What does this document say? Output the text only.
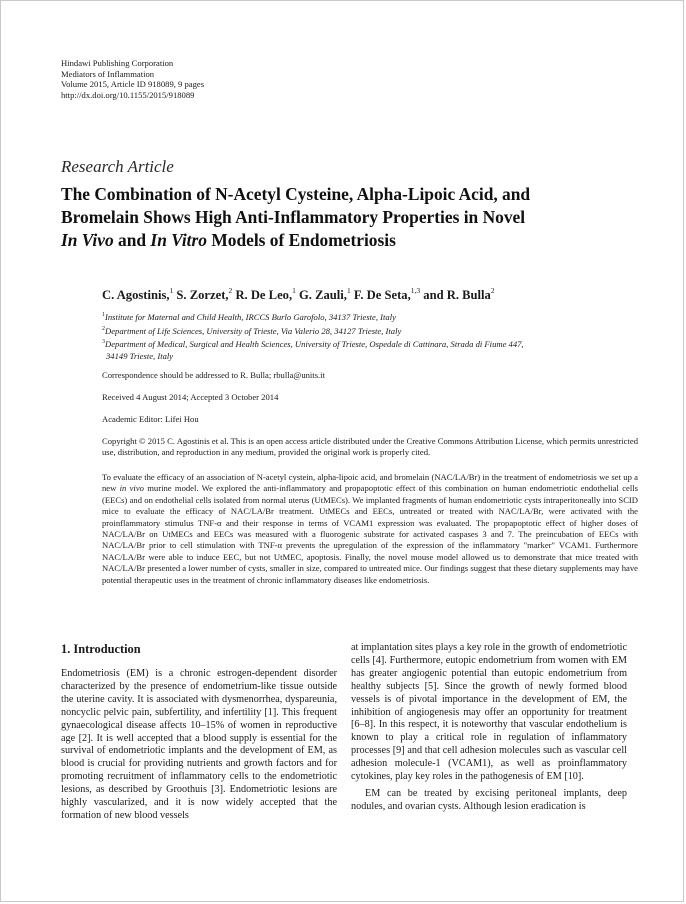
Hindawi Publishing Corporation
Mediators of Inflammation
Volume 2015, Article ID 918089, 9 pages
http://dx.doi.org/10.1155/2015/918089
Research Article
The Combination of N-Acetyl Cysteine, Alpha-Lipoic Acid, and
Bromelain Shows High Anti-Inflammatory Properties in Novel
In Vivo and In Vitro Models of Endometriosis
C. Agostinis,$^1$ S. Zorzet,$^2$ R. De Leo,$^1$ G. Zauli,$^1$ F. De Seta,$^{1,3}$ and R. Bulla$^2$
$^1$Institute for Maternal and Child Health, IRCCS Burlo Garofolo, 34137 Trieste, Italy
$^2$Department of Life Sciences, University of Trieste, Via Valerio 28, 34127 Trieste, Italy
$^3$Department of Medical, Surgical and Health Sciences, University of Trieste, Ospedale di Cattinara, Strada di Fiume 447,
34149 Trieste, Italy
Correspondence should be addressed to R. Bulla; rbulla@units.it
Received 4 August 2014; Accepted 3 October 2014
Academic Editor: Lifei Hou
Copyright © 2015 C. Agostinis et al. This is an open access article distributed under the Creative Commons Attribution License, which permits unrestricted use, distribution, and reproduction in any medium, provided the original work is properly cited.
To evaluate the efficacy of an association of N-acetyl cystein, alpha-lipoic acid, and bromelain (NAC/LA/Br) in the treatment of endometriosis we set up a new in vivo murine model. We explored the anti-inflammatory and propapoptotic effect of this combination on human endometriotic endothelial cells (EECs) and on endothelial cells isolated from normal uterus (UtMECs). We implanted fragments of human endometriotic cysts intraperitoneally into SCID mice to evaluate the efficacy of NAC/LA/Br treatment. UtMECs and EECs, untreated or treated with NAC/LA/Br, were activated with the proinflammatory stimulus TNF-α and their response in terms of VCAM1 expression was evaluated. The propapoptotic effect of higher doses of NAC/LA/Br on UtMECs and EECs was measured with a fluorogenic substrate for activated caspases 3 and 7. The preincubation of EECs with NAC/LA/Br prior to cell stimulation with TNF-α prevents the upregulation of the expression of the inflammatory "marker" VCAM1. Furthermore NAC/LA/Br were able to induce EEC, but not UtMEC, apoptosis. Finally, the novel mouse model allowed us to demonstrate that mice treated with NAC/LA/Br presented a lower number of cysts, smaller in size, compared to untreated mice. Our findings suggest that these dietary supplements may have potential therapeutic uses in the treatment of chronic inflammatory diseases like endometriosis.
1. Introduction

Endometriosis (EM) is a chronic estrogen-dependent disorder characterized by the presence of endometrium-like tissue outside the uterine cavity. It is associated with dysmenorrhea, dyspareunia, noncyclic pelvic pain, subfertility, and infertility [1]. This frequent gynaecological disease affects 10–15% of women in reproductive age [2]. It is well accepted that a blood supply is essential for the survival of endometriotic implants and the development of EM, as blood is crucial for providing nutrients and growth factors and for promoting recruitment of inflammatory cells to the endometriotic lesions, as described by Groothuis [3]. Endometriotic lesions are highly vascularized, and it is now widely accepted that the formation of new blood vessels

at implantation sites plays a key role in the growth of endometriotic cells [4]. Furthermore, eutopic endometrium from women with EM has greater angiogenic potential than eutopic endometrium from healthy subjects [5]. Since the growth of newly formed blood vessels is of pivotal importance in the development of EM, the inhibition of angiogenesis may offer an opportunity for treatment [6–8]. In this respect, it is noteworthy that vascular endothelium is known to play a critical role in regulation of inflammatory processes [9] and that cell adhesion molecules such as vascular cell adhesion molecule-1 (VCAM1), as well as proinflammatory cytokines, play key roles in the pathogenesis of EM [10].

EM can be treated by excising peritoneal implants, deep nodules, and ovarian cysts. Although lesion eradication is
